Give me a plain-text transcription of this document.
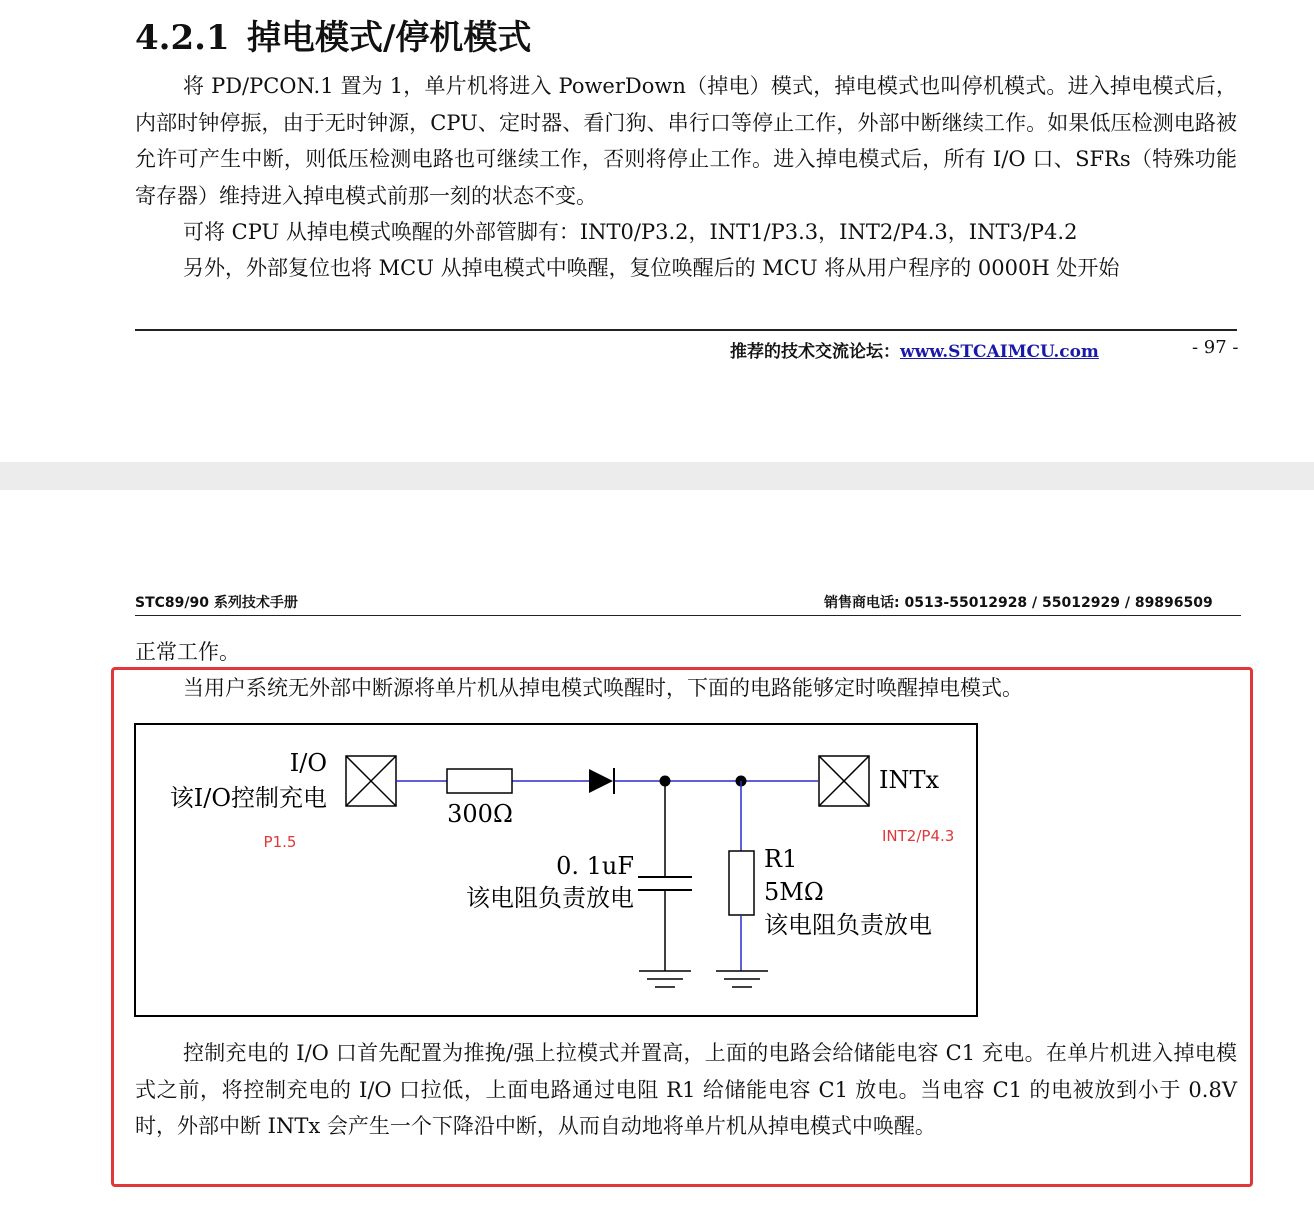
4.2.1 掉电模式/停机模式
将 PD/PCON.1 置为 1，单片机将进入 PowerDown（掉电）模式，掉电模式也叫停机模式。进入掉电模式后，内部时钟停振，由于无时钟源，CPU、定时器、看门狗、串行口等停止工作，外部中断继续工作。如果低压检测电路被允许可产生中断，则低压检测电路也可继续工作，否则将停止工作。进入掉电模式后，所有 I/O 口、SFRs（特殊功能寄存器）维持进入掉电模式前那一刻的状态不变。
可将 CPU 从掉电模式唤醒的外部管脚有：INT0/P3.2，INT1/P3.3，INT2/P4.3，INT3/P4.2
另外，外部复位也将 MCU 从掉电模式中唤醒，复位唤醒后的 MCU 将从用户程序的 0000H 处开始
推荐的技术交流论坛：www.STCAIMCU.com	- 97 -
STC89/90 系列技术手册	销售商电话: 0513-55012928 / 55012929 / 89896509
正常工作。
当用户系统无外部中断源将单片机从掉电模式唤醒时，下面的电路能够定时唤醒掉电模式。
I/O
该I/O控制充电
P1.5
300Ω
0. 1uF
该电阻负责放电
R1
5MΩ
该电阻负责放电
INTx
INT2/P4.3
控制充电的 I/O 口首先配置为推挽/强上拉模式并置高，上面的电路会给储能电容 C1 充电。在单片机进入掉电模式之前，将控制充电的 I/O 口拉低，上面电路通过电阻 R1 给储能电容 C1 放电。当电容 C1 的电被放到小于 0.8V 时，外部中断 INTx 会产生一个下降沿中断，从而自动地将单片机从掉电模式中唤醒。
